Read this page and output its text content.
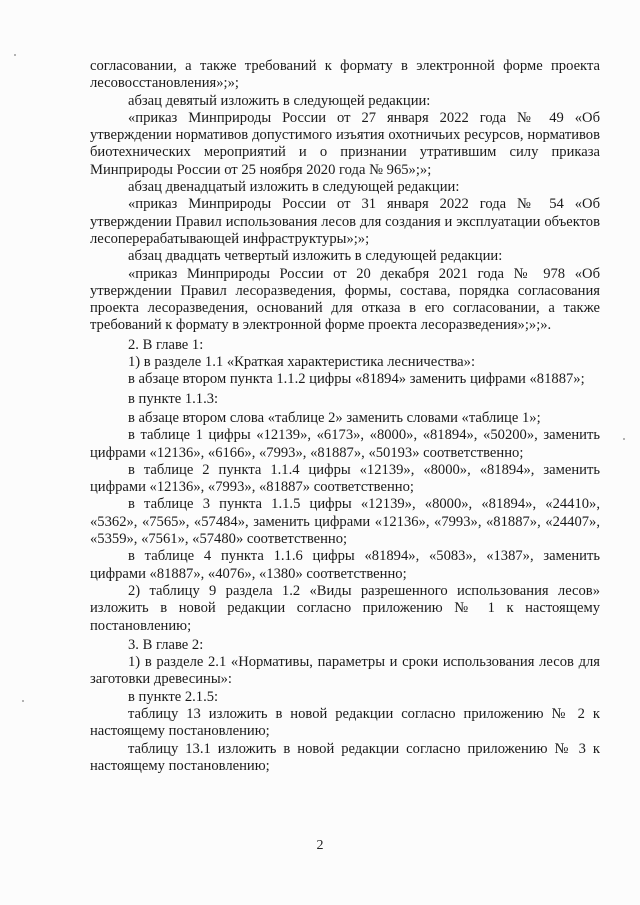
согласовании, а также требований к формату в электронной форме проекта лесовосстановления»;»;

абзац девятый изложить в следующей редакции:

«приказ Минприроды России от 27 января 2022 года № 49 «Об утверждении нормативов допустимого изъятия охотничьих ресурсов, нормативов биотехнических мероприятий и о признании утратившим силу приказа Минприроды России от 25 ноября 2020 года № 965»;»;

абзац двенадцатый изложить в следующей редакции:

«приказ Минприроды России от 31 января 2022 года № 54 «Об утверждении Правил использования лесов для создания и эксплуатации объектов лесоперерабатывающей инфраструктуры»;»;

абзац двадцать четвертый изложить в следующей редакции:

«приказ Минприроды России от 20 декабря 2021 года № 978 «Об утверждении Правил лесоразведения, формы, состава, порядка согласования проекта лесоразведения, оснований для отказа в его согласовании, а также требований к формату в электронной форме проекта лесоразведения»;»;».

2. В главе 1:

1) в разделе 1.1 «Краткая характеристика лесничества»:

в абзаце втором пункта 1.1.2 цифры «81894» заменить цифрами «81887»;

в пункте 1.1.3:

в абзаце втором слова «таблице 2» заменить словами «таблице 1»;

в таблице 1 цифры «12139», «6173», «8000», «81894», «50200», заменить цифрами «12136», «6166», «7993», «81887», «50193» соответственно;

в таблице 2 пункта 1.1.4 цифры «12139», «8000», «81894», заменить цифрами «12136», «7993», «81887» соответственно;

в таблице 3 пункта 1.1.5 цифры «12139», «8000», «81894», «24410», «5362», «7565», «57484», заменить цифрами «12136», «7993», «81887», «24407», «5359», «7561», «57480» соответственно;

в таблице 4 пункта 1.1.6 цифры «81894», «5083», «1387», заменить цифрами «81887», «4076», «1380» соответственно;

2) таблицу 9 раздела 1.2 «Виды разрешенного использования лесов» изложить в новой редакции согласно приложению № 1 к настоящему постановлению;

3. В главе 2:

1) в разделе 2.1 «Нормативы, параметры и сроки использования лесов для заготовки древесины»:

в пункте 2.1.5:

таблицу 13 изложить в новой редакции согласно приложению № 2 к настоящему постановлению;

таблицу 13.1 изложить в новой редакции согласно приложению № 3 к настоящему постановлению;

2
